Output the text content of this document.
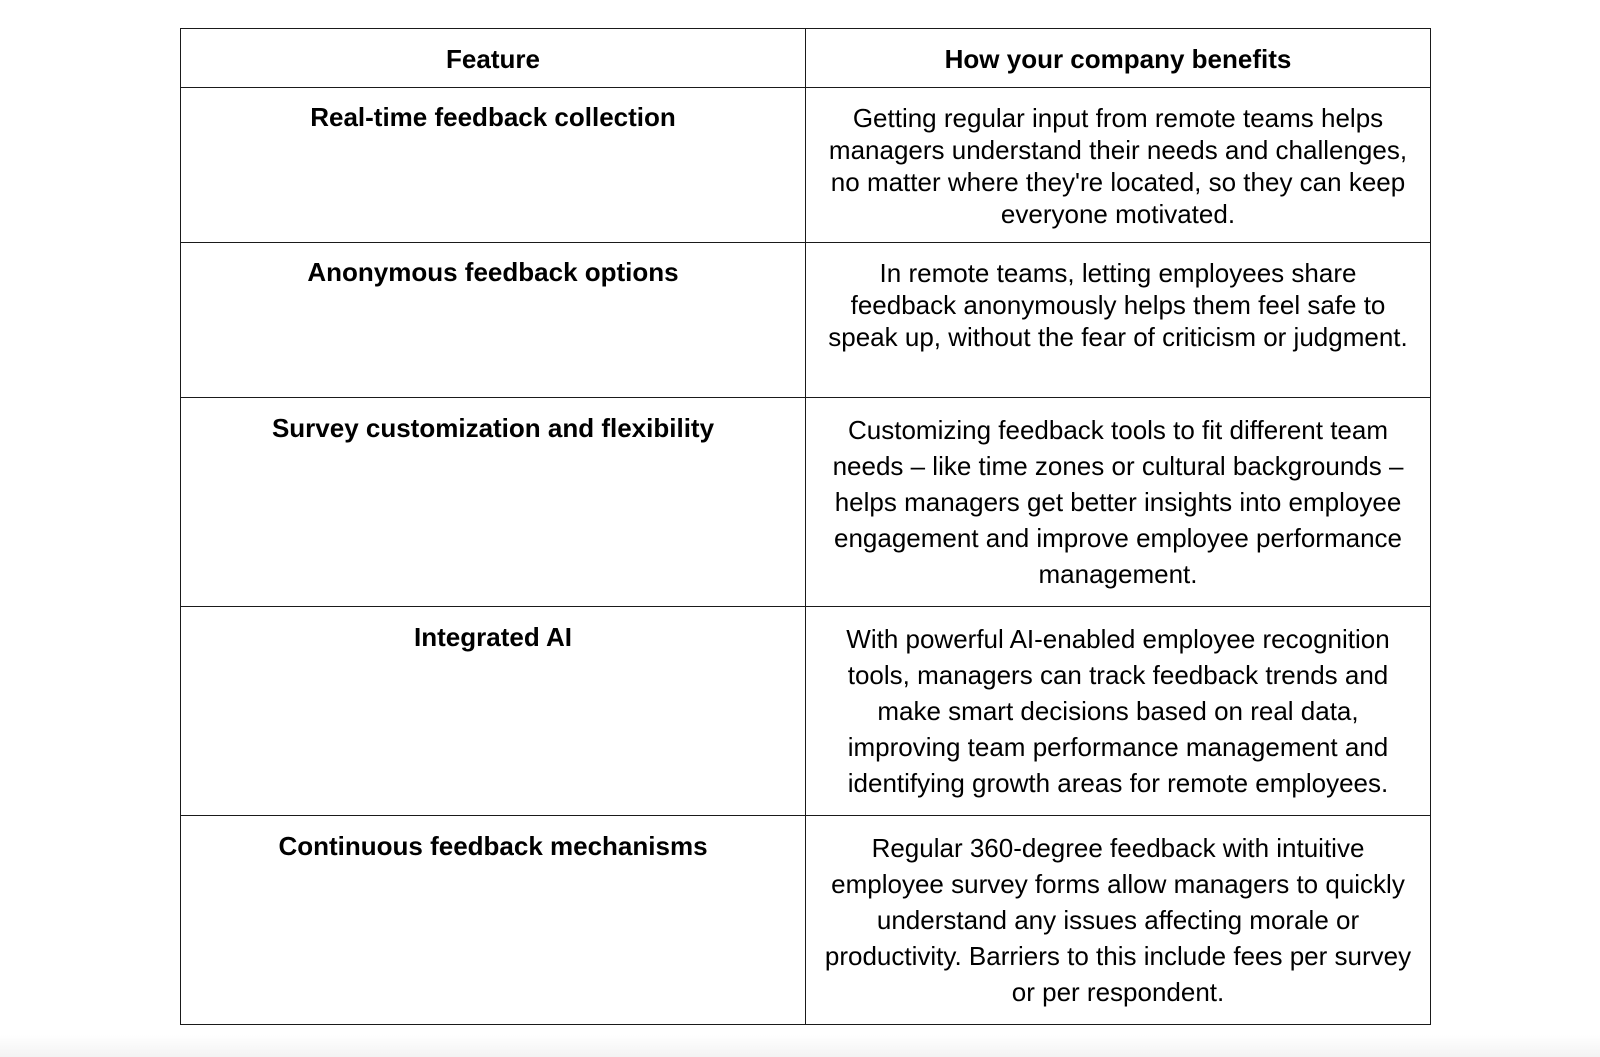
Feature	How your company benefits
Real-time feedback collection	Getting regular input from remote teams helps managers understand their needs and challenges, no matter where they're located, so they can keep everyone motivated.
Anonymous feedback options	In remote teams, letting employees share feedback anonymously helps them feel safe to speak up, without the fear of criticism or judgment.
Survey customization and flexibility	Customizing feedback tools to fit different team needs – like time zones or cultural backgrounds – helps managers get better insights into employee engagement and improve employee performance management.
Integrated AI	With powerful AI-enabled employee recognition tools, managers can track feedback trends and make smart decisions based on real data, improving team performance management and identifying growth areas for remote employees.
Continuous feedback mechanisms	Regular 360-degree feedback with intuitive employee survey forms allow managers to quickly understand any issues affecting morale or productivity. Barriers to this include fees per survey or per respondent.
